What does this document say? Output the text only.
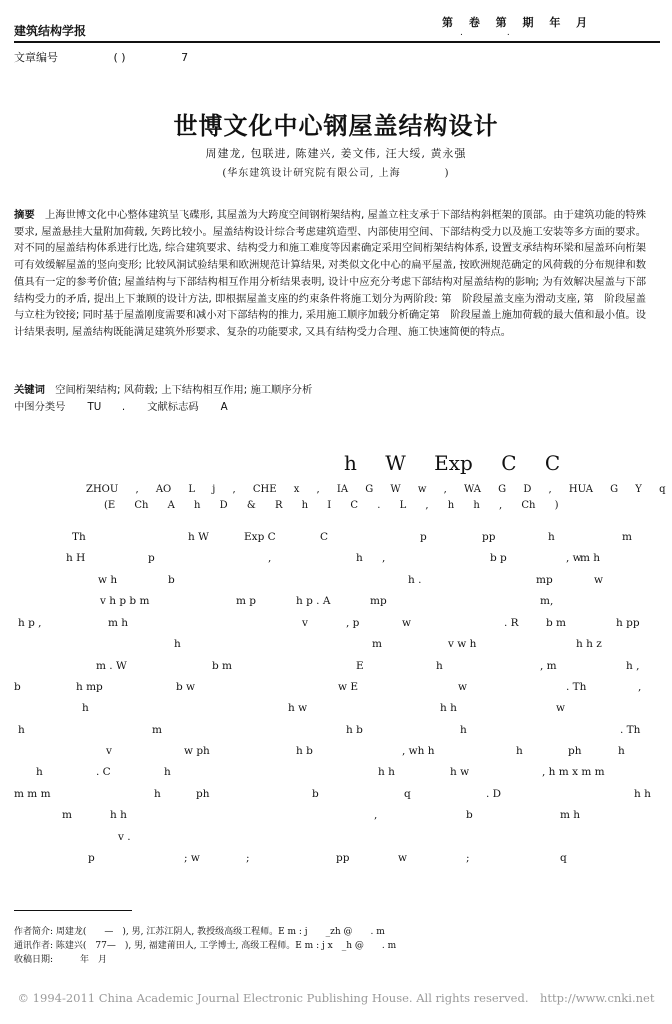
建筑结构学报
第 卷 第 期 年 月
..
文章编号	( )	7
世博文化中心钢屋盖结构设计
周建龙, 包联进, 陈建兴, 姜文伟, 汪大绥, 黄永强
(华东建筑设计研究院有限公司, 上海　　　　)
摘要　 上海世博文化中心整体建筑呈飞碟形, 其屋盖为大跨度空间钢桁架结构, 屋盖立柱支承于下部结构斜框架的顶部。由于建筑功能的特殊要求, 屋盖悬挂大量附加荷载, 矢跨比较小。屋盖结构设计综合考虑建筑造型、内部使用空间、下部结构受力以及施工安装等多方面的要求。对不同的屋盖结构体系进行比选, 综合建筑要求、结构受力和施工难度等因素确定采用空间桁架结构体系, 设置支承结构环梁和屋盖环向桁架可有效缓解屋盖的竖向变形; 比较风洞试验结果和欧洲规范计算结果, 对类似文化中心的扁平屋盖, 按欧洲规范确定的风荷载的分布规律和数值具有一定的参考价值; 屋盖结构与下部结构相互作用分析结果表明, 设计中应充分考虑下部结构对屋盖结构的影响; 为有效解决屋盖与下部结构受力的矛盾, 提出上下兼顾的设计方法, 即根据屋盖支座的约束条件将施工划分为两阶段: 第　阶段屋盖支座为滑动支座, 第　阶段屋盖与立柱为铰接; 同时基于屋盖刚度需要和减小对下部结构的推力, 采用施工顺序加载分析确定第　阶段屋盖上施加荷载的最大值和最小值。设计结果表明, 屋盖结构既能满足建筑外形要求、复杂的功能要求, 又具有结构受力合理、施工快速简便的特点。
关键词　 空间桁架结构; 风荷载; 上下结构相互作用; 施工顺序分析
中图分类号 TU　　. 文献标志码 A
h W Exp C C
ZHOU , AO L j , CHE x , IA G W w , WA G D , HUA G Y q
(E Ch A h D & R h I C . L , h h , Ch )
Th	h W	Exp C	C	p	pp	h	m
h H	p	,	h ,	b p	, w
m h
w h	b	h .	mp	w
v h p b m	m p	h p . A	mp	m,
h p ,	m h	v	, p	w	. R	b m	h pp
h	m	v w h	h h z
m . W	b m	E	h	, m	h ,
b	h mp	b w	w E	w	. Th	,
h	h w	h h	w
h	m	h b	h	. Th
v	w ph	h b	, wh h	h	ph	h
h	. C	h	h h	h w	, h m x m m
m m m	h	ph	b	q	. D	h h
m	h h	,	b	m h
v .
p	; w	;	pp	w	;	q
作者简介: 周建龙(　　—　), 男, 江苏江阴人, 教授级高级工程师。E m : j　　_zh @　　. m
通讯作者: 陈建兴(　77—　), 男, 福建莆田人, 工学博士, 高级工程师。E m : j x　_h @　　. m
收稿日期:　　　年　月
© 1994-2011 China Academic Journal Electronic Publishing House. All rights reserved.　http://www.cnki.net
